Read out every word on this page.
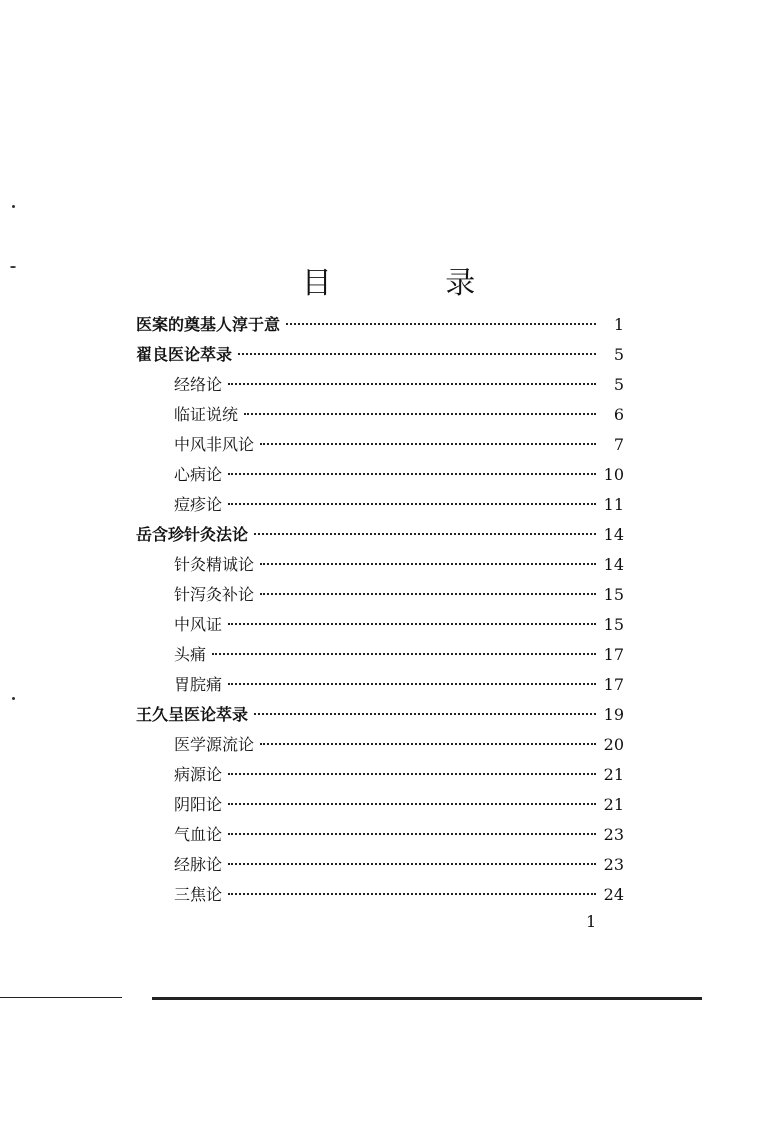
目 录
医案的奠基人淳于意	1
翟良医论萃录	5
经络论	5
临证说统	6
中风非风论	7
心病论	10
痘疹论	11
岳含珍针灸法论	14
针灸精诚论	14
针泻灸补论	15
中风证	15
头痛	17
胃脘痛	17
王久呈医论萃录	19
医学源流论	20
病源论	21
阴阳论	21
气血论	23
经脉论	23
三焦论	24
1
